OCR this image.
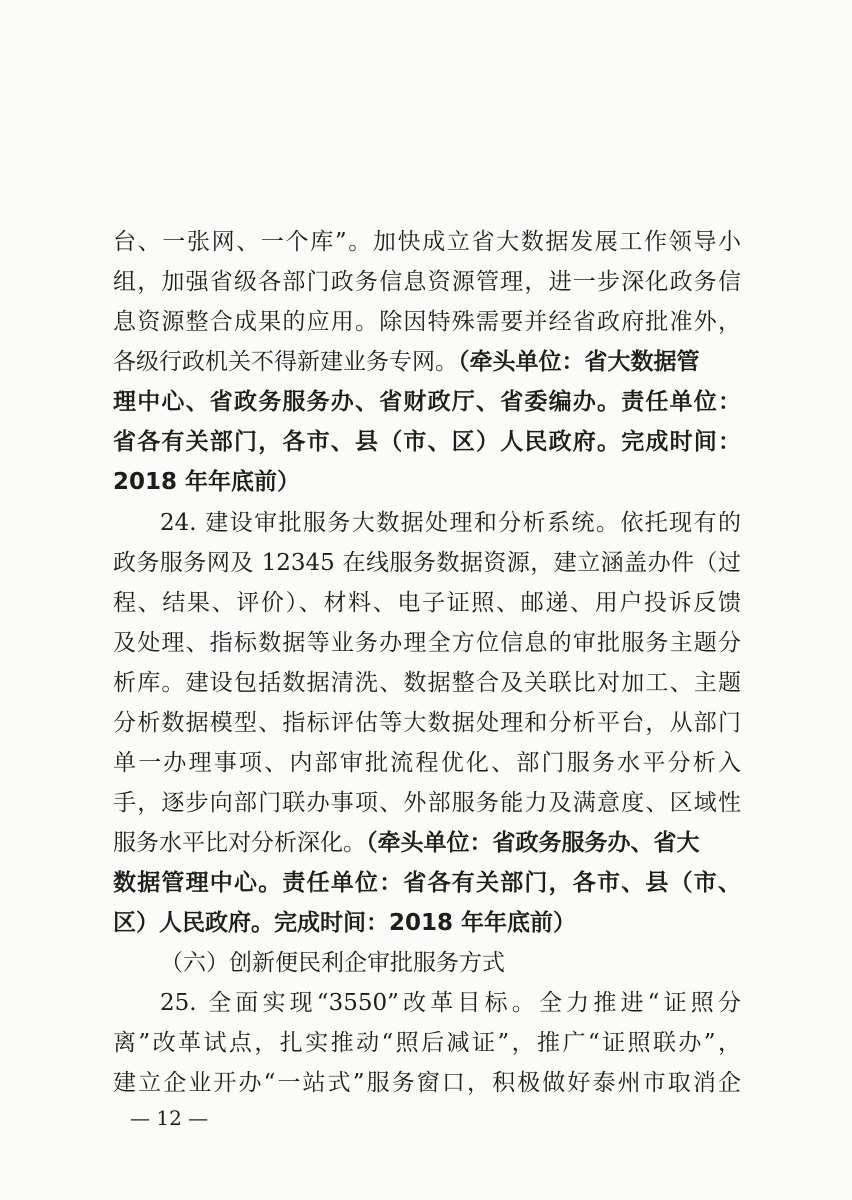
台、一张网、一个库”。加快成立省大数据发展工作领导小
组，加强省级各部门政务信息资源管理，进一步深化政务信
息资源整合成果的应用。除因特殊需要并经省政府批准外，
各级行政机关不得新建业务专网。（牵头单位：省大数据管
理中心、省政务服务办、省财政厅、省委编办。责任单位：
省各有关部门，各市、县（市、区）人民政府。完成时间：
2018 年年底前）
24. 建设审批服务大数据处理和分析系统。依托现有的
政务服务网及 12345 在线服务数据资源，建立涵盖办件（过
程、结果、评价）、材料、电子证照、邮递、用户投诉反馈
及处理、指标数据等业务办理全方位信息的审批服务主题分
析库。建设包括数据清洗、数据整合及关联比对加工、主题
分析数据模型、指标评估等大数据处理和分析平台，从部门
单一办理事项、内部审批流程优化、部门服务水平分析入
手，逐步向部门联办事项、外部服务能力及满意度、区域性
服务水平比对分析深化。（牵头单位：省政务服务办、省大
数据管理中心。责任单位：省各有关部门，各市、县（市、
区）人民政府。完成时间：2018 年年底前）
（六）创新便民利企审批服务方式
25. 全面实现“3550”改革目标。全力推进“证照分
离”改革试点，扎实推动“照后减证”，推广“证照联办”，
建立企业开办“一站式”服务窗口，积极做好泰州市取消企
— 12 —
